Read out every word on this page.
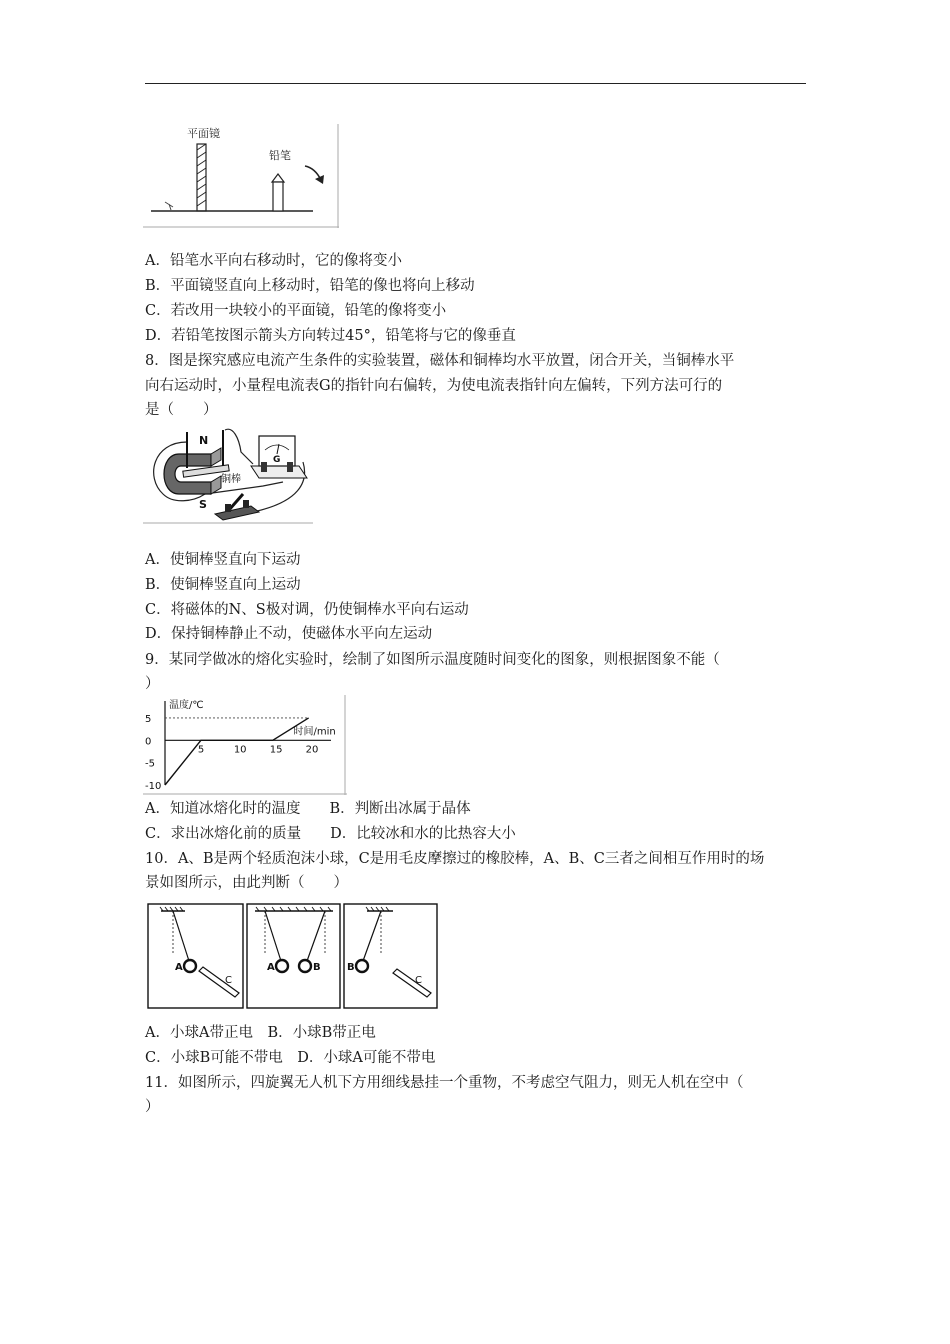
平面镜
铅笔
A．铅笔水平向右移动时，它的像将变小
B．平面镜竖直向上移动时，铅笔的像也将向上移动
C．若改用一块较小的平面镜，铅笔的像将变小
D．若铅笔按图示箭头方向转过45°，铅笔将与它的像垂直
8．图是探究感应电流产生条件的实验装置，磁体和铜棒均水平放置，闭合开关，当铜棒水平
向右运动时，小量程电流表G的指针向右偏转，为使电流表指针向左偏转，下列方法可行的
是（　　）
N
S
铜棒
G
A．使铜棒竖直向下运动
B．使铜棒竖直向上运动
C．将磁体的N、S极对调，仍使铜棒水平向右运动
D．保持铜棒静止不动，使磁体水平向左运动
9．某同学做冰的熔化实验时，绘制了如图所示温度随时间变化的图象，则根据图象不能（
）
温度/℃
时间/min
5	10 15 20
5
0
-5
-10
A．知道冰熔化时的温度　　B．判断出冰属于晶体
C．求出冰熔化前的质量　　D．比较冰和水的比热容大小
10．A、B是两个轻质泡沫小球，C是用毛皮摩擦过的橡胶棒，A、B、C三者之间相互作用时的场
景如图所示，由此判断（　　）
A
C
A	B	B
C
A．小球A带正电　B．小球B带正电
C．小球B可能不带电　D．小球A可能不带电
11．如图所示，四旋翼无人机下方用细线悬挂一个重物，不考虑空气阻力，则无人机在空中（
）
